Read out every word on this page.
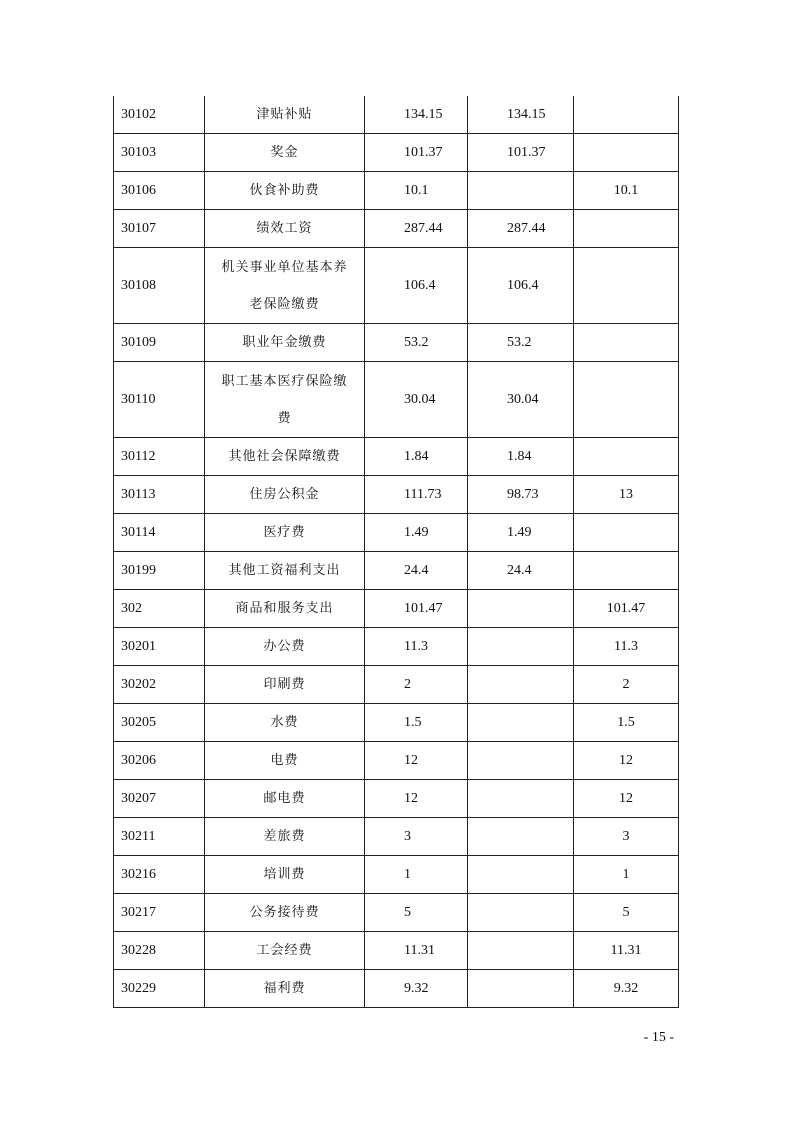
30102	津贴补贴	134.15	134.15	
30103	奖金	101.37	101.37	
30106	伙食补助费	10.1		10.1
30107	绩效工资	287.44	287.44	
30108	机关事业单位基本养老保险缴费	106.4	106.4	
30109	职业年金缴费	53.2	53.2	
30110	职工基本医疗保险缴费	30.04	30.04	
30112	其他社会保障缴费	1.84	1.84	
30113	住房公积金	111.73	98.73	13
30114	医疗费	1.49	1.49	
30199	其他工资福利支出	24.4	24.4	
302	商品和服务支出	101.47		101.47
30201	办公费	11.3		11.3
30202	印刷费	2		2
30205	水费	1.5		1.5
30206	电费	12		12
30207	邮电费	12		12
30211	差旅费	3		3
30216	培训费	1		1
30217	公务接待费	5		5
30228	工会经费	11.31		11.31
30229	福利费	9.32		9.32
- 15 -
